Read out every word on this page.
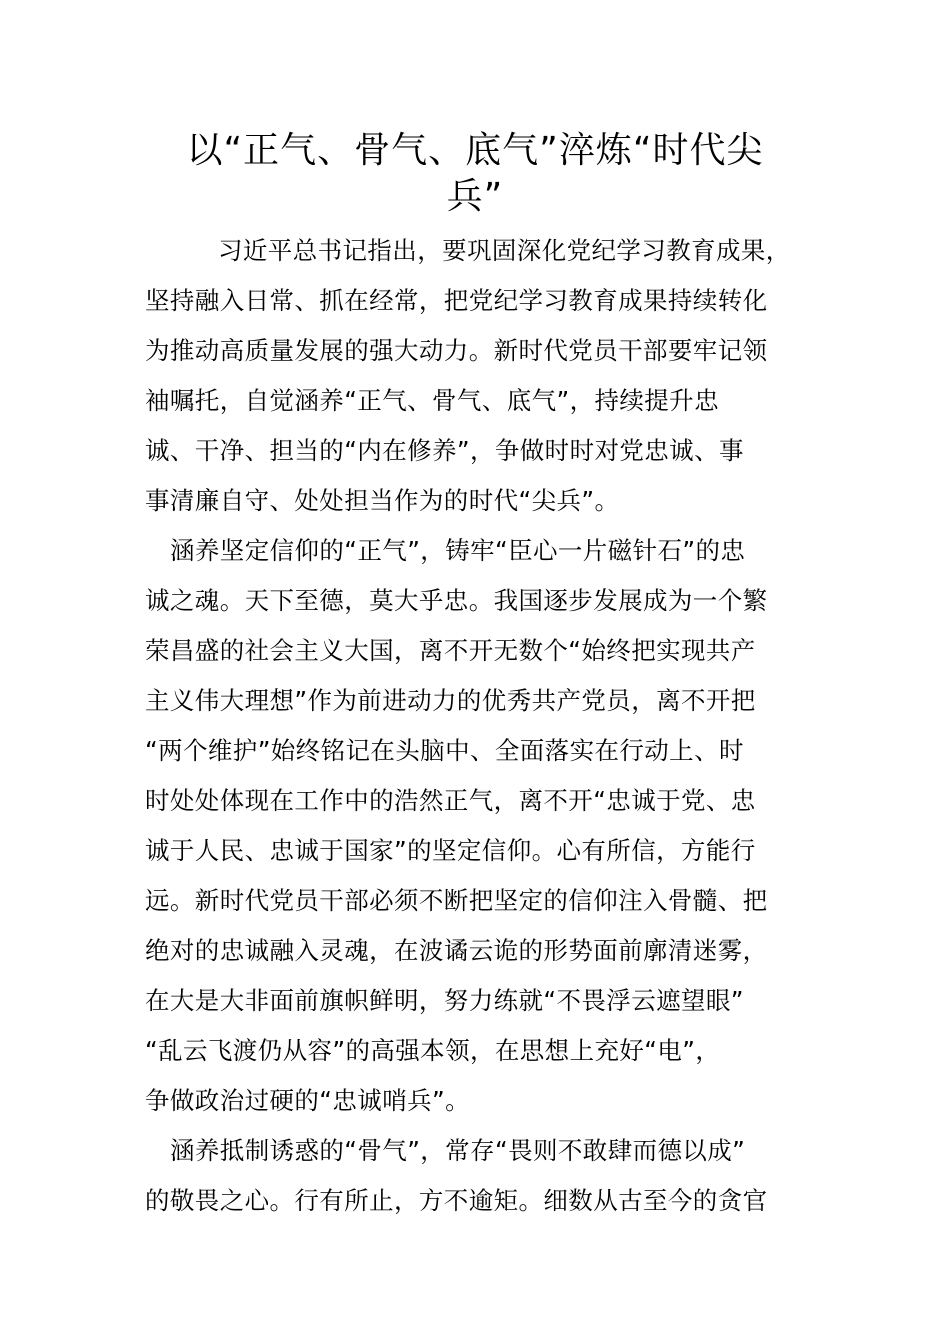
以“正气、骨气、底气”淬炼“时代尖
兵”
习近平总书记指出，要巩固深化党纪学习教育成果，
坚持融入日常、抓在经常，把党纪学习教育成果持续转化
为推动高质量发展的强大动力。新时代党员干部要牢记领
袖嘱托，自觉涵养“正气、骨气、底气”，持续提升忠
诚、干净、担当的“内在修养”，争做时时对党忠诚、事
事清廉自守、处处担当作为的时代“尖兵”。
涵养坚定信仰的“正气”，铸牢“臣心一片磁针石”的忠
诚之魂。天下至德，莫大乎忠。我国逐步发展成为一个繁
荣昌盛的社会主义大国，离不开无数个“始终把实现共产
主义伟大理想”作为前进动力的优秀共产党员，离不开把
“两个维护”始终铭记在头脑中、全面落实在行动上、时
时处处体现在工作中的浩然正气，离不开“忠诚于党、忠
诚于人民、忠诚于国家”的坚定信仰。心有所信，方能行
远。新时代党员干部必须不断把坚定的信仰注入骨髓、把
绝对的忠诚融入灵魂，在波谲云诡的形势面前廓清迷雾，
在大是大非面前旗帜鲜明，努力练就“不畏浮云遮望眼”
“乱云飞渡仍从容”的高强本领，在思想上充好“电”，
争做政治过硬的“忠诚哨兵”。
涵养抵制诱惑的“骨气”，常存“畏则不敢肆而德以成”
的敬畏之心。行有所止，方不逾矩。细数从古至今的贪官
